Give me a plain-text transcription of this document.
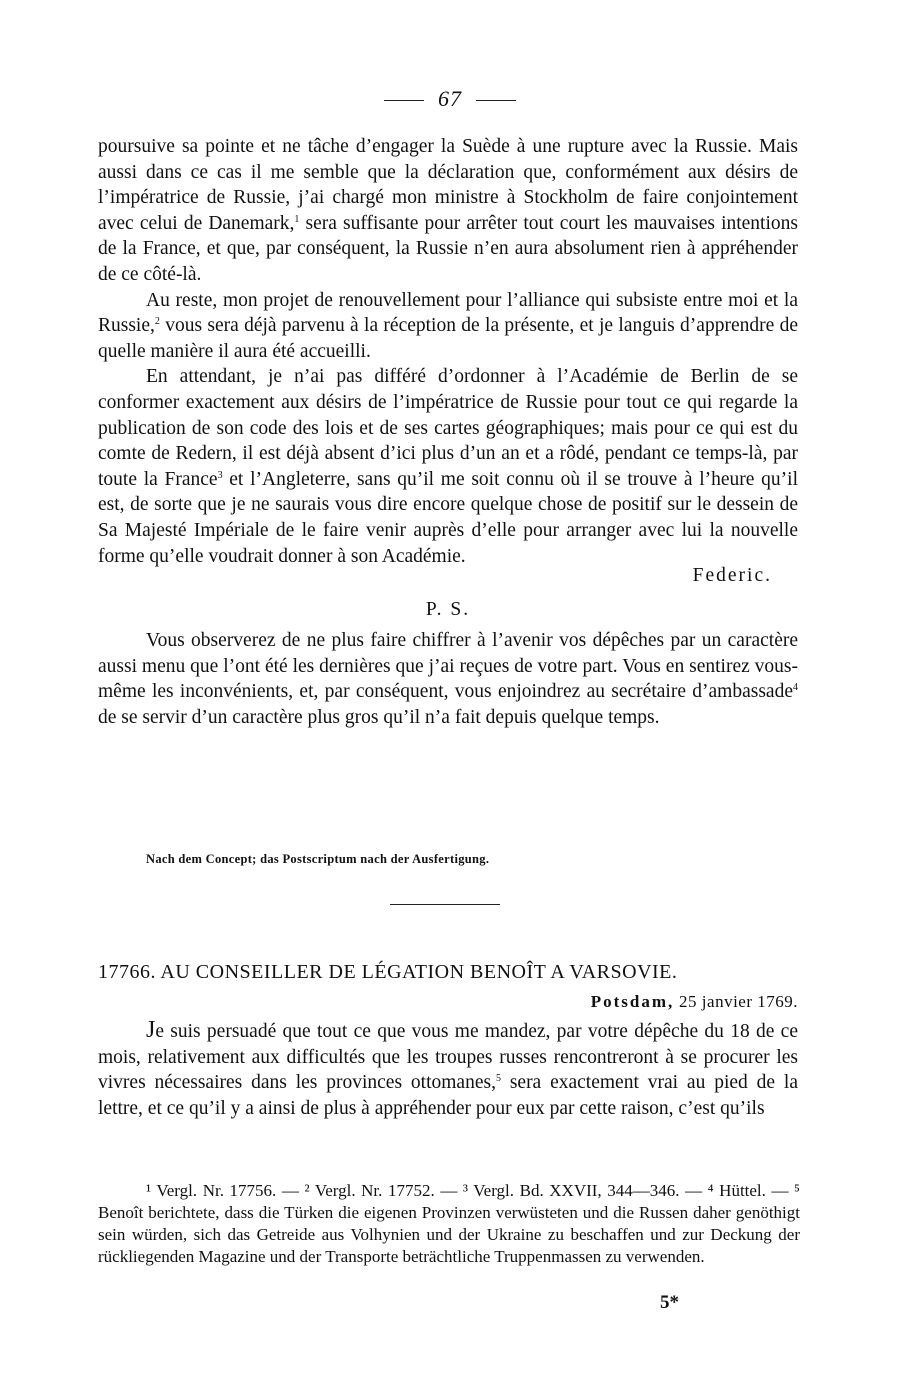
67

poursuive sa pointe et ne tâche d’engager la Suède à une rupture avec la Russie. Mais aussi dans ce cas il me semble que la déclaration que, conformément aux désirs de l’impératrice de Russie, j’ai chargé mon ministre à Stockholm de faire conjointement avec celui de Danemark,$^1$ sera suffisante pour arrêter tout court les mauvaises intentions de la France, et que, par conséquent, la Russie n’en aura absolument rien à appréhender de ce côté-là.

Au reste, mon projet de renouvellement pour l’alliance qui subsiste entre moi et la Russie,$^2$ vous sera déjà parvenu à la réception de la présente, et je languis d’apprendre de quelle manière il aura été accueilli.

En attendant, je n’ai pas différé d’ordonner à l’Académie de Berlin de se conformer exactement aux désirs de l’impératrice de Russie pour tout ce qui regarde la publication de son code des lois et de ses cartes géographiques; mais pour ce qui est du comte de Redern, il est déjà absent d’ici plus d’un an et a rôdé, pendant ce temps-là, par toute la France$^3$ et l’Angleterre, sans qu’il me soit connu où il se trouve à l’heure qu’il est, de sorte que je ne saurais vous dire encore quelque chose de positif sur le dessein de Sa Majesté Impériale de le faire venir auprès d’elle pour arranger avec lui la nouvelle forme qu’elle voudrait donner à son Académie.

Federic.

P. S.

Vous observerez de ne plus faire chiffrer à l’avenir vos dépêches par un caractère aussi menu que l’ont été les dernières que j’ai reçues de votre part. Vous en sentirez vous-même les inconvénients, et, par conséquent, vous enjoindrez au secrétaire d’ambassade$^4$ de se servir d’un caractère plus gros qu’il n’a fait depuis quelque temps.

Nach dem Concept; das Postscriptum nach der Ausfertigung.
17766. AU CONSEILLER DE LÉGATION BENOÎT A VARSOVIE.
Potsdam, 25 janvier 1769.

Je suis persuadé que tout ce que vous me mandez, par votre dépêche du 18 de ce mois, relativement aux difficultés que les troupes russes rencontreront à se procurer les vivres nécessaires dans les provinces ottomanes,$^5$ sera exactement vrai au pied de la lettre, et ce qu’il y a ainsi de plus à appréhender pour eux par cette raison, c’est qu’ils

¹ Vergl. Nr. 17756. — ² Vergl. Nr. 17752. — ³ Vergl. Bd. XXVII, 344—346. — ⁴ Hüttel. — ⁵ Benoît berichtete, dass die Türken die eigenen Provinzen verwüsteten und die Russen daher genöthigt sein würden, sich das Getreide aus Volhynien und der Ukraine zu beschaffen und zur Deckung der rückliegenden Magazine und der Transporte beträchtliche Truppenmassen zu verwenden.

5*
